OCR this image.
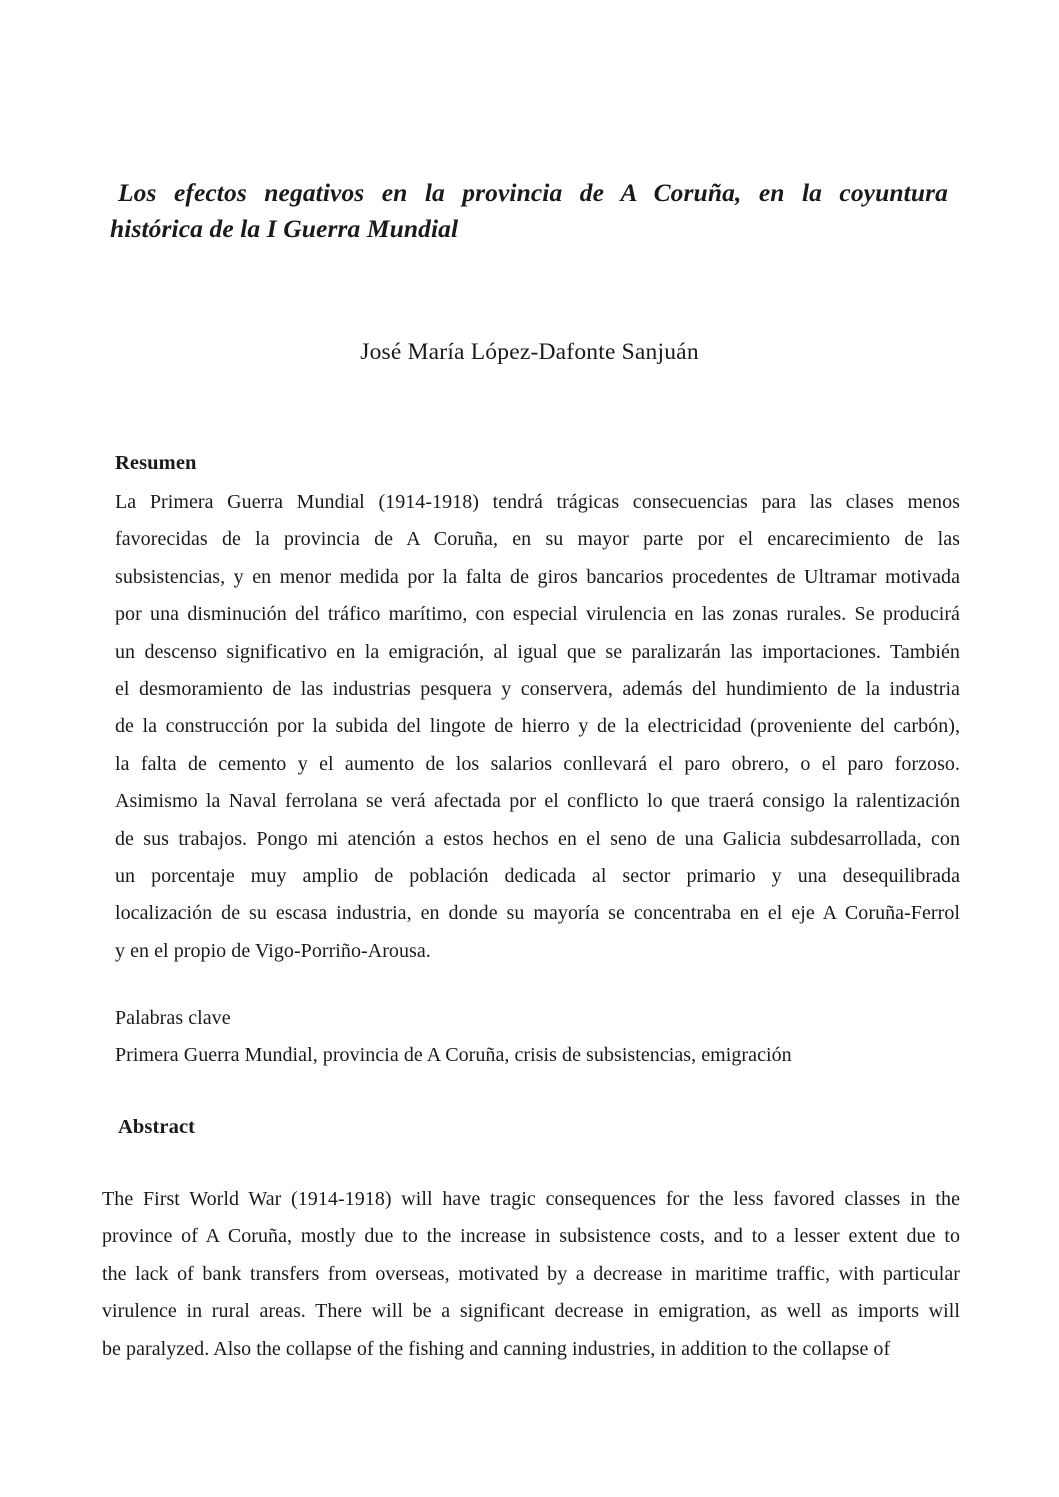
Los efectos negativos en la provincia de A Coruña, en la coyuntura
histórica de la I Guerra Mundial
José María López-Dafonte Sanjuán
Resumen
La Primera Guerra Mundial (1914-1918) tendrá trágicas consecuencias para las clases menos
favorecidas de la provincia de A Coruña, en su mayor parte por el encarecimiento de las
subsistencias, y en menor medida por la falta de giros bancarios procedentes de Ultramar motivada
por una disminución del tráfico marítimo, con especial virulencia en las zonas rurales. Se producirá
un descenso significativo en la emigración, al igual que se paralizarán las importaciones. También
el desmoramiento de las industrias pesquera y conservera, además del hundimiento de la industria
de la construcción por la subida del lingote de hierro y de la electricidad (proveniente del carbón),
la falta de cemento y el aumento de los salarios conllevará el paro obrero, o el paro forzoso.
Asimismo la Naval ferrolana se verá afectada por el conflicto lo que traerá consigo la ralentización
de sus trabajos. Pongo mi atención a estos hechos en el seno de una Galicia subdesarrollada, con
un porcentaje muy amplio de población dedicada al sector primario y una desequilibrada
localización de su escasa industria, en donde su mayoría se concentraba en el eje A Coruña-Ferrol
y en el propio de Vigo-Porriño-Arousa.
Palabras clave
Primera Guerra Mundial, provincia de A Coruña, crisis de subsistencias, emigración
Abstract
The First World War (1914-1918) will have tragic consequences for the less favored classes in the
province of A Coruña, mostly due to the increase in subsistence costs, and to a lesser extent due to
the lack of bank transfers from overseas, motivated by a decrease in maritime traffic, with particular
virulence in rural areas. There will be a significant decrease in emigration, as well as imports will
be paralyzed. Also the collapse of the fishing and canning industries, in addition to the collapse of
